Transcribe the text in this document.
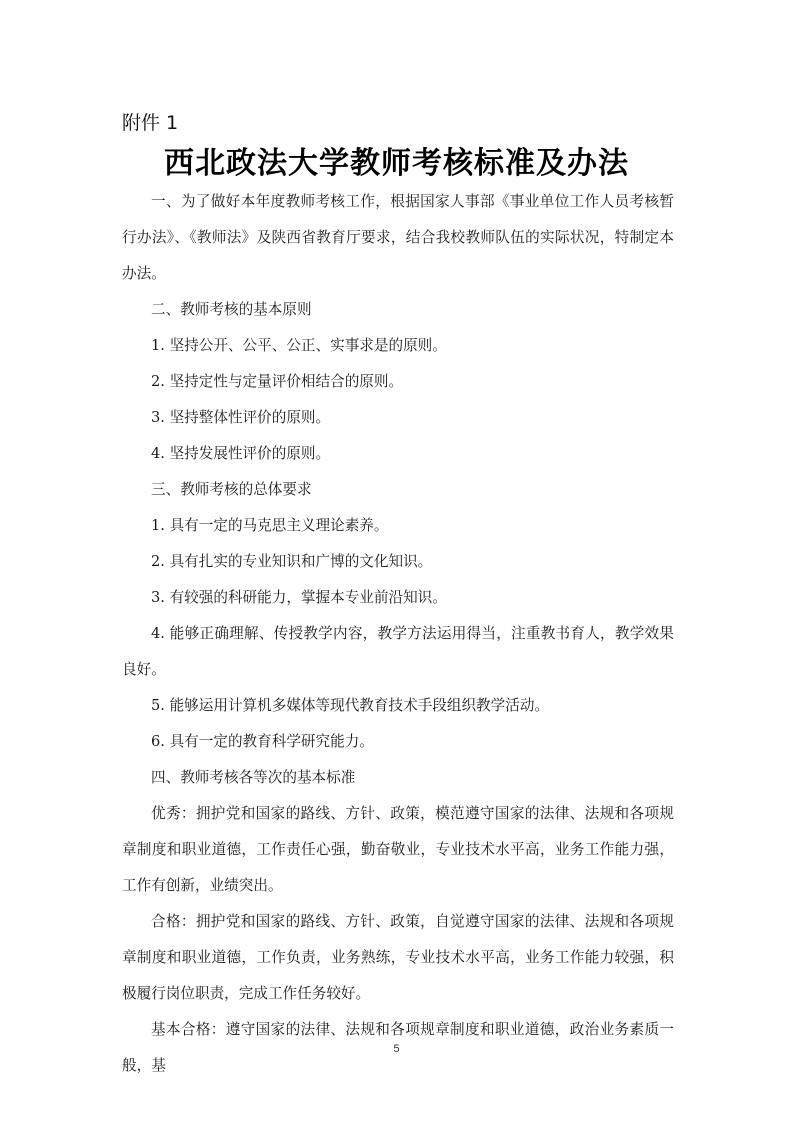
附件 1
西北政法大学教师考核标准及办法

一、为了做好本年度教师考核工作，根据国家人事部《事业单位工作人员考核暂行办法》、《教师法》及陕西省教育厅要求，结合我校教师队伍的实际状况，特制定本办法。

二、教师考核的基本原则

1. 坚持公开、公平、公正、实事求是的原则。

2. 坚持定性与定量评价相结合的原则。

3. 坚持整体性评价的原则。

4. 坚持发展性评价的原则。

三、教师考核的总体要求

1. 具有一定的马克思主义理论素养。

2. 具有扎实的专业知识和广博的文化知识。

3. 有较强的科研能力，掌握本专业前沿知识。

4. 能够正确理解、传授教学内容，教学方法运用得当，注重教书育人，教学效果良好。

5. 能够运用计算机多媒体等现代教育技术手段组织教学活动。

6. 具有一定的教育科学研究能力。

四、教师考核各等次的基本标准

优秀：拥护党和国家的路线、方针、政策，模范遵守国家的法律、法规和各项规章制度和职业道德，工作责任心强，勤奋敬业，专业技术水平高，业务工作能力强，工作有创新，业绩突出。

合格：拥护党和国家的路线、方针、政策，自觉遵守国家的法律、法规和各项规章制度和职业道德，工作负责，业务熟练，专业技术水平高，业务工作能力较强，积极履行岗位职责，完成工作任务较好。

基本合格：遵守国家的法律、法规和各项规章制度和职业道德，政治业务素质一般，基

5
